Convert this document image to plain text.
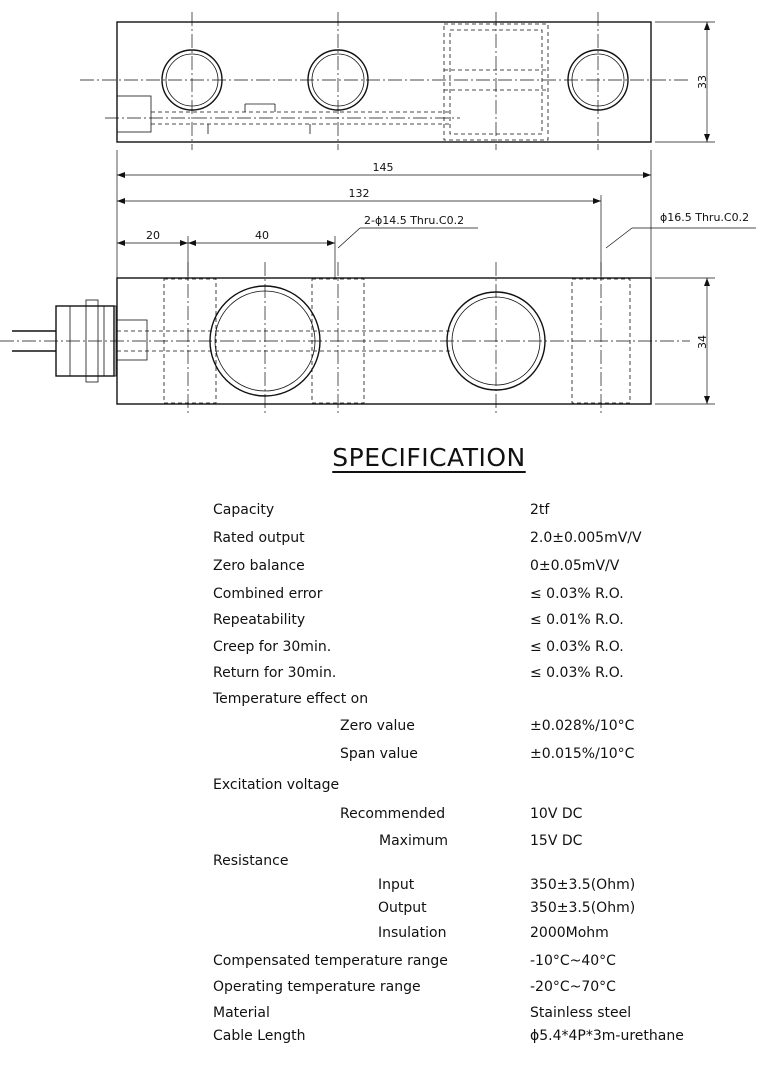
33
145
132
20	40
2-ϕ14.5 Thru.C0.2	ϕ16.5 Thru.C0.2
34
SPECIFICATION
Capacity	2tf
Rated output	2.0±0.005mV/V
Zero balance	0±0.05mV/V
Combined error	≤ 0.03% R.O.
Repeatability	≤ 0.01% R.O.
Creep for 30min.	≤ 0.03% R.O.
Return for 30min.	≤ 0.03% R.O.
Temperature effect on
Zero value	±0.028%/10°C
Span value	±0.015%/10°C
Excitation voltage
Recommended	10V DC
Maximum	15V DC
Resistance
Input	350±3.5(Ohm)
Output	350±3.5(Ohm)
Insulation	2000Mohm
Compensated temperature range	-10°C~40°C
Operating temperature range	-20°C~70°C
Material	Stainless steel
Cable Length	ϕ5.4*4P*3m-urethane
